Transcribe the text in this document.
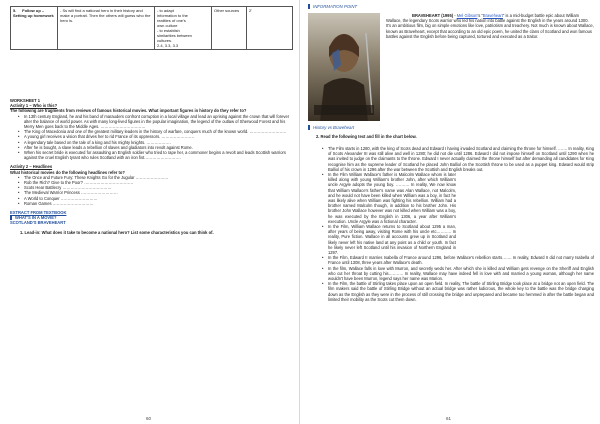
5. Follow up – Setting up homework	- Ss will find a national hero in their history and make a portrait. Then the others will guess who the hero is.	
- to adapt
information to the
realities of one's
own culture
- to establish
similarities between
cultures.
2.4, 3.3, 3.3
	Other sources	2'
WORKSHEET 1
Activity 1 – Who is this?
The following are fragments from reviews of famous historical movies. What important figures in history do they refer to?
• In 13th century England, he and his band of marauders confront corruption in a local village and lead an uprising against the crown that will forever alter the balance of world power. As with many long-lived figures in the popular imagination, the legend of the outlaw of Sherwood Forest and his Merry Men goes back to the Middle Ages. ……………………………
• The King of Macedonia and one of the greatest military leaders in the history of warfare, conquers much of the known world. ………………………
• A young girl receives a vision that drives her to rid France of its oppressors. ……………………
• A legendary tale based on the tale of a king and his mighty knights. ………………
• After he is bought, a slave leads a rebellion of slaves and gladiators into revolt against Rome.
• When his secret bride is executed for assaulting an English soldier who tried to rape her, a commoner begins a revolt and leads Scottish warriors against the cruel English tyrant who rules Scotland with an iron fist………………………
Activity 2 – Headlines
What historical movies do the following headlines refer to?
• The Once and Future Fury: These Knights Go for the Jugular ……………………
• Rob the Rich? Give to the Poor? ………………………………
• Scots Hear Battlecry ………………………………
• The Medieval Warrior Princess ………………………
• A World to Conquer ………………………
• Roman Games …………………………
EXTRACT FROM TEXTBOOK
WHAT'S IN A MOVIE?
SCOTLAND'S BRAVEHEART
1. Lead-in: What does it take to become a national hero? List some characteristics you can think of.
60
INFORMATION POINT
BRAVEHEART (1995) - Mel Gibson's "Braveheart" is a mid-budget battle epic about William Wallace, the legendary Scots warrior who led his nation into battle against the English in the years around 1300. It's an ambitious film, big on simple emotions like love, patriotism and treachery. Not much is known about Wallace, known as Braveheart, except that according to an old epic poem, he united the clans of Scotland and won famous battles against the English before being captured, tortured and executed as a traitor.
History vs Braveheart
2. Read the following text and fill in the chart below.
• The Film starts in 1280, with the king of Scots dead and Edward I having invaded Scotland and claiming the throne for himself. ……. In reality, King of Scots Alexander III was still alive and well in 1280; he did not die until 1286. Edward I did not impose himself on Scotland until 1290 when he was invited to judge on the claimants to the throne. Edward I never actually claimed the throne himself but after demanding all candidates for King recognise him as the supreme leader of Scotland he placed John Balliol on the Scottish throne to be used as a puppet king. Edward would strip Balliol of his crown in 1296 after the war between the Scottish and English breaks out.
• In the Film William Wallace's father is Malcolm Wallace whom is later killed along with young William's brother John, after which William's uncle Argyle adopts the young boy. ………. In reality, We now know that William Wallace's father's name was Alan Wallace, not Malcolm, and he would not have been killed when William was a boy, in fact he was likely alive when William was fighting his rebellion. William had a brother named Malcolm though, in addition to his brother John. His brother John Wallace however was not killed when William was a boy, he was executed by the English in 1306, a year after William's execution. Uncle Argyle was a fictional character.
• In the Film, William Wallace returns to Scotland about 1295 a man, after years of being away, visiting Rome with his uncle etc……….. In reality, Pure fiction. Wallace in all accounts grew up in Scotland and likely never left his native land at any point as a child or youth. In fact he likely never left Scotland until his invasion of Northern England in 1297.
• In the Film, Edward II marries Isabella of France around 1296, before Wallace's rebellion starts……. In reality, Edward II did not marry Isabella of France until 1308, three years after Wallace's death.
• In the film, Wallace falls in love with Murron, and secretly weds her. After which she is killed and William gets revenge on the Sheriff and English who cut her throat by cutting his……….. In reality, Wallace may have indeed fell in love with and married a young woman, although her name wouldn't have been Murron, legend says her name was Marion.
• In the Film, the battle of Stirling takes place upon an open field. In reality, The battle of Stirling Bridge took place at a bridge not an open field. The film makers said the battle of Stirling Bridge without an actual bridge was rather ludicrous, the whole key to the battle was the bridge charging down as the English as they were in the process of still crossing the bridge and unprepared and became too hemmed in after the battle began and limited their mobility as the Scots cut them down.
61
